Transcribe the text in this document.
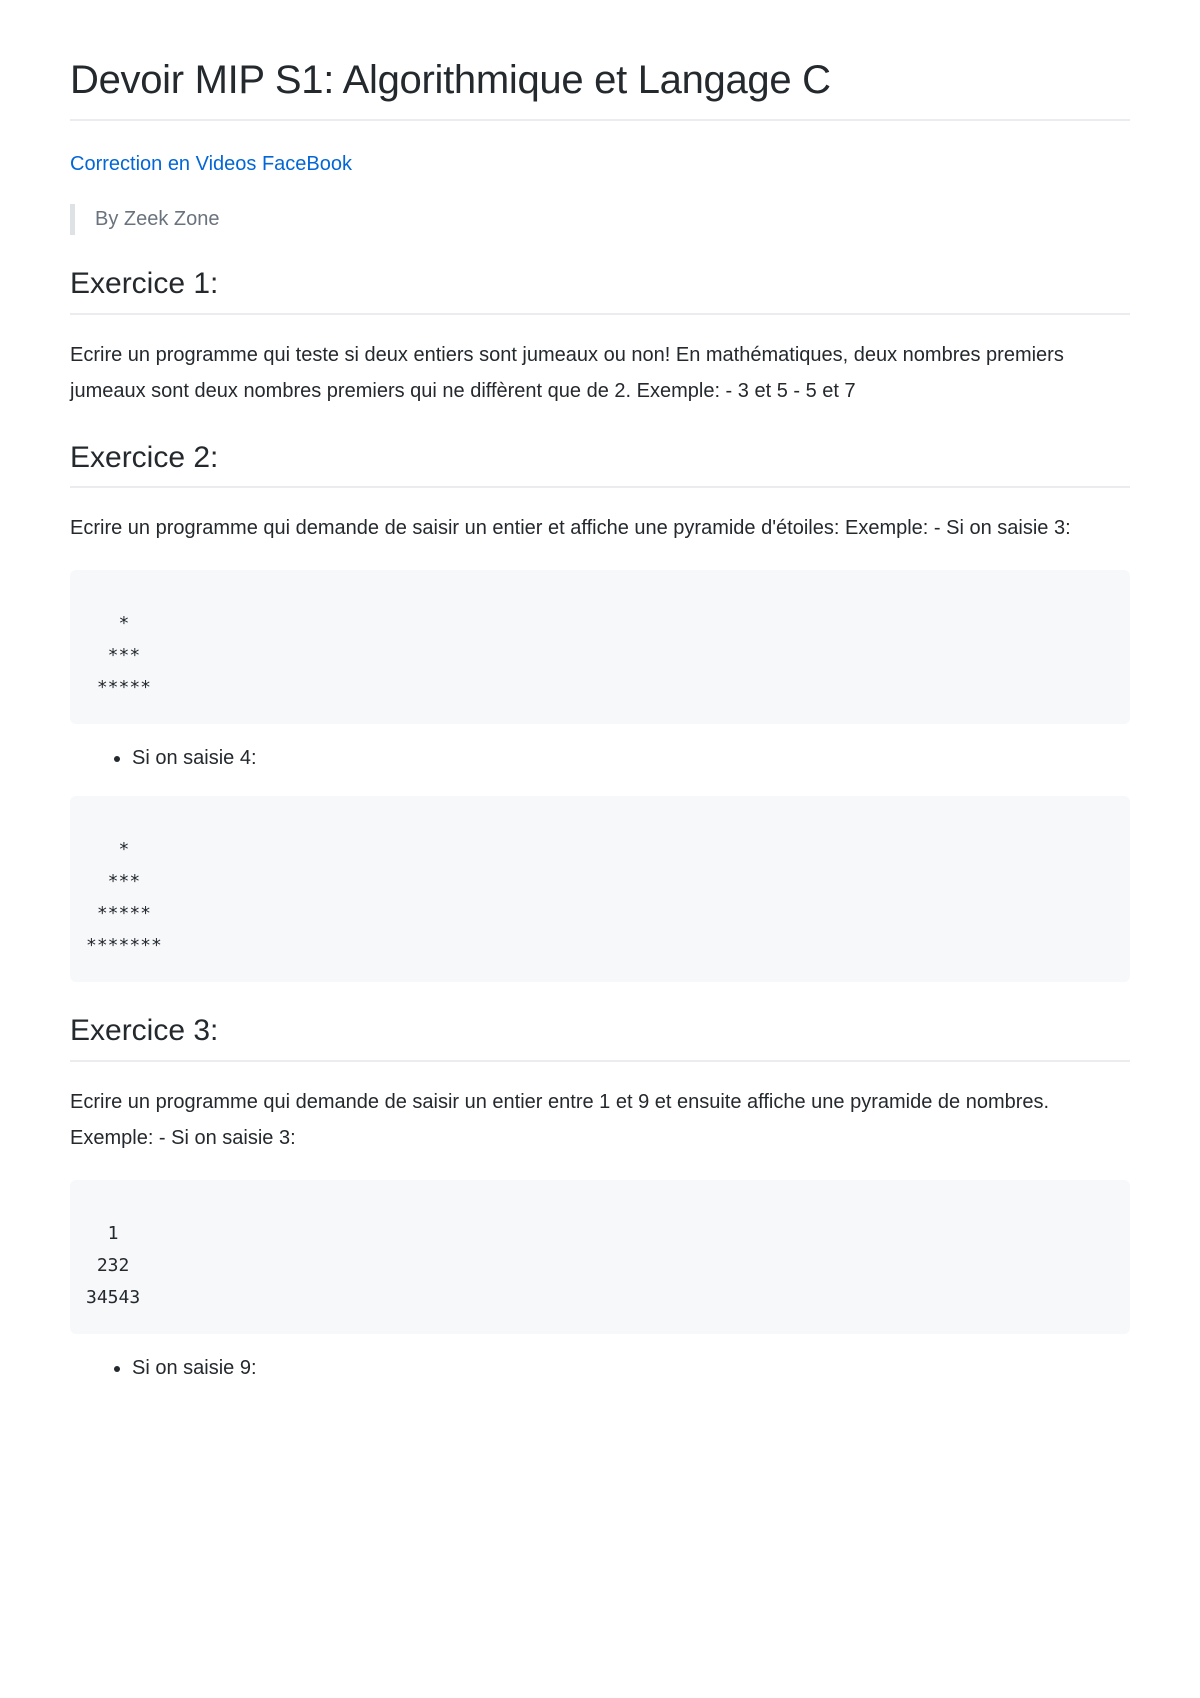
Devoir MIP S1: Algorithmique et Langage C
Correction en Videos FaceBook
By Zeek Zone
Exercice 1:

Ecrire un programme qui teste si deux entiers sont jumeaux ou non! En mathématiques, deux nombres premiers jumeaux sont deux nombres premiers qui ne diffèrent que de 2. Exemple: - 3 et 5 - 5 et 7

Exercice 2:

Ecrire un programme qui demande de saisir un entier et affiche une pyramide d'étoiles: Exemple: - Si on saisie 3:

*
***
*****
• Si on saisie 4:
*
***
*****
*******
Exercice 3:

Ecrire un programme qui demande de saisir un entier entre 1 et 9 et ensuite affiche une pyramide de nombres. Exemple: - Si on saisie 3:

1
232
34543
• Si on saisie 9:
